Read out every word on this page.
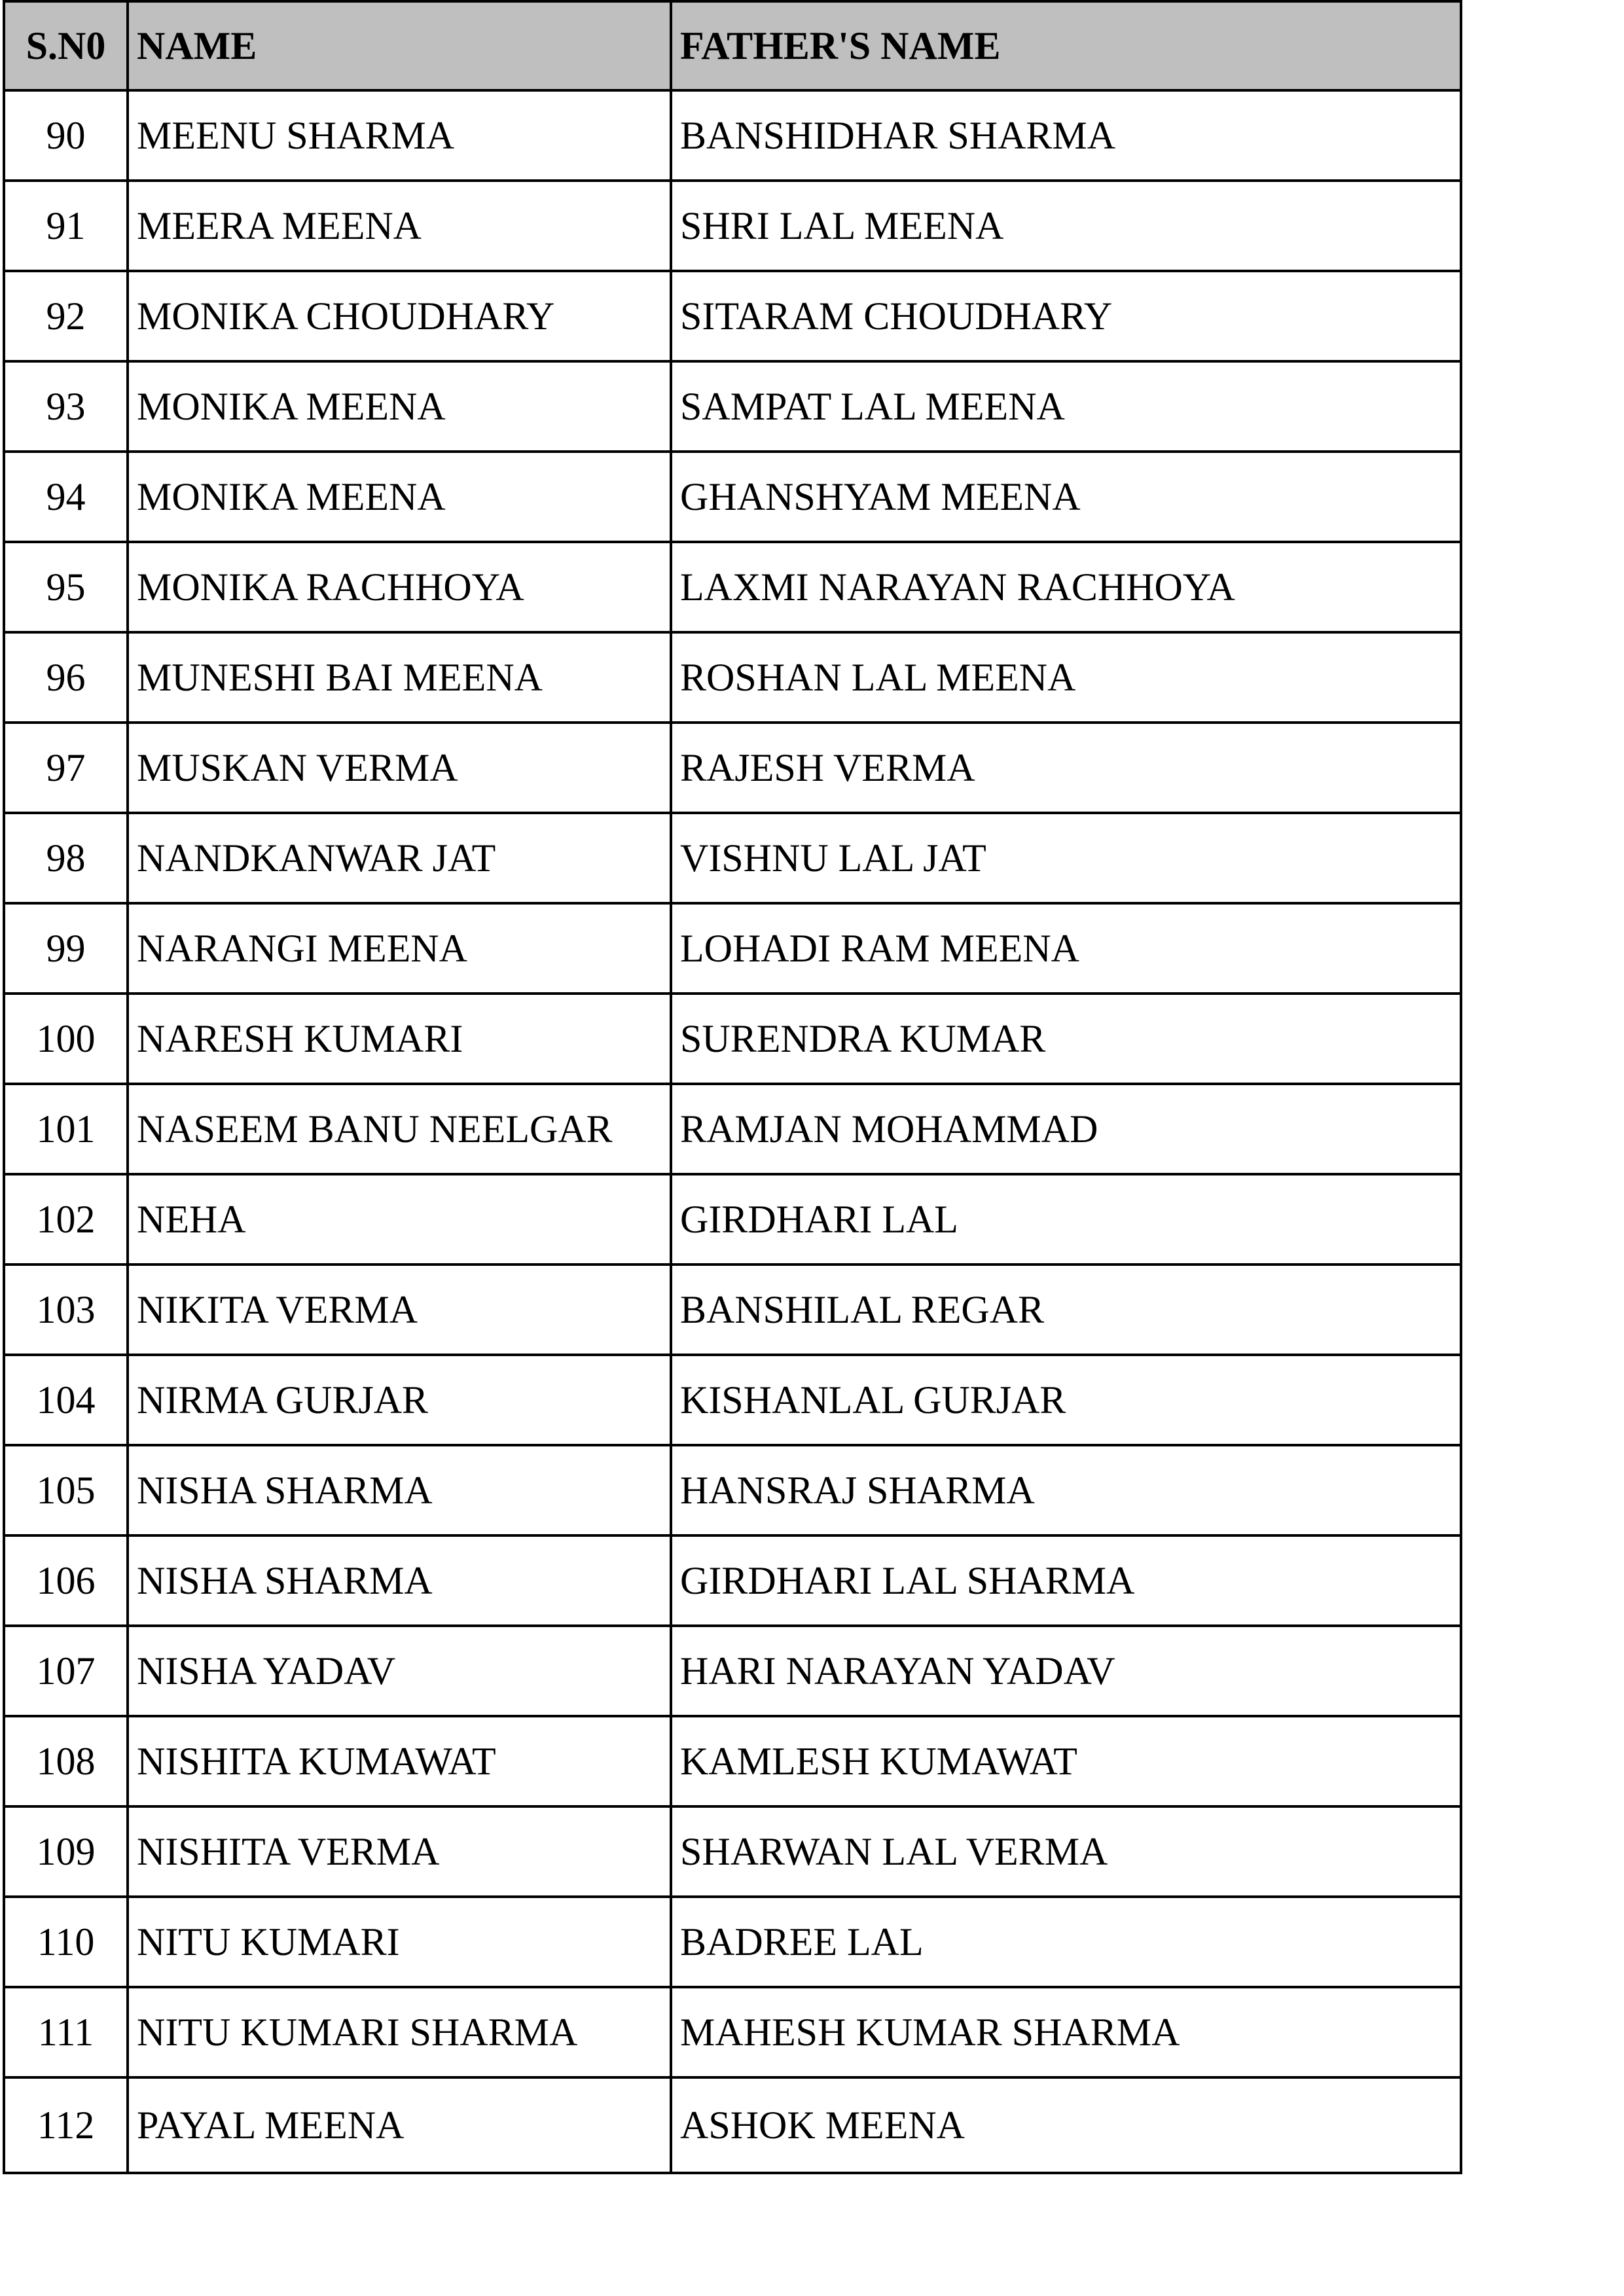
S.N0	NAME	FATHER'S NAME
90	MEENU SHARMA	BANSHIDHAR SHARMA
91	MEERA MEENA	SHRI LAL MEENA
92	MONIKA CHOUDHARY	SITARAM CHOUDHARY
93	MONIKA MEENA	SAMPAT LAL MEENA
94	MONIKA MEENA	GHANSHYAM MEENA
95	MONIKA RACHHOYA	LAXMI NARAYAN RACHHOYA
96	MUNESHI BAI MEENA	ROSHAN LAL MEENA
97	MUSKAN VERMA	RAJESH VERMA
98	NANDKANWAR JAT	VISHNU LAL JAT
99	NARANGI MEENA	LOHADI RAM MEENA
100	NARESH KUMARI	SURENDRA KUMAR
101	NASEEM BANU NEELGAR	RAMJAN MOHAMMAD
102	NEHA	GIRDHARI LAL
103	NIKITA VERMA	BANSHILAL REGAR
104	NIRMA GURJAR	KISHANLAL GURJAR
105	NISHA SHARMA	HANSRAJ SHARMA
106	NISHA SHARMA	GIRDHARI LAL SHARMA
107	NISHA YADAV	HARI NARAYAN YADAV
108	NISHITA KUMAWAT	KAMLESH KUMAWAT
109	NISHITA VERMA	SHARWAN LAL VERMA
110	NITU KUMARI	BADREE LAL
111	NITU KUMARI SHARMA	MAHESH KUMAR SHARMA
112	PAYAL MEENA	ASHOK MEENA
